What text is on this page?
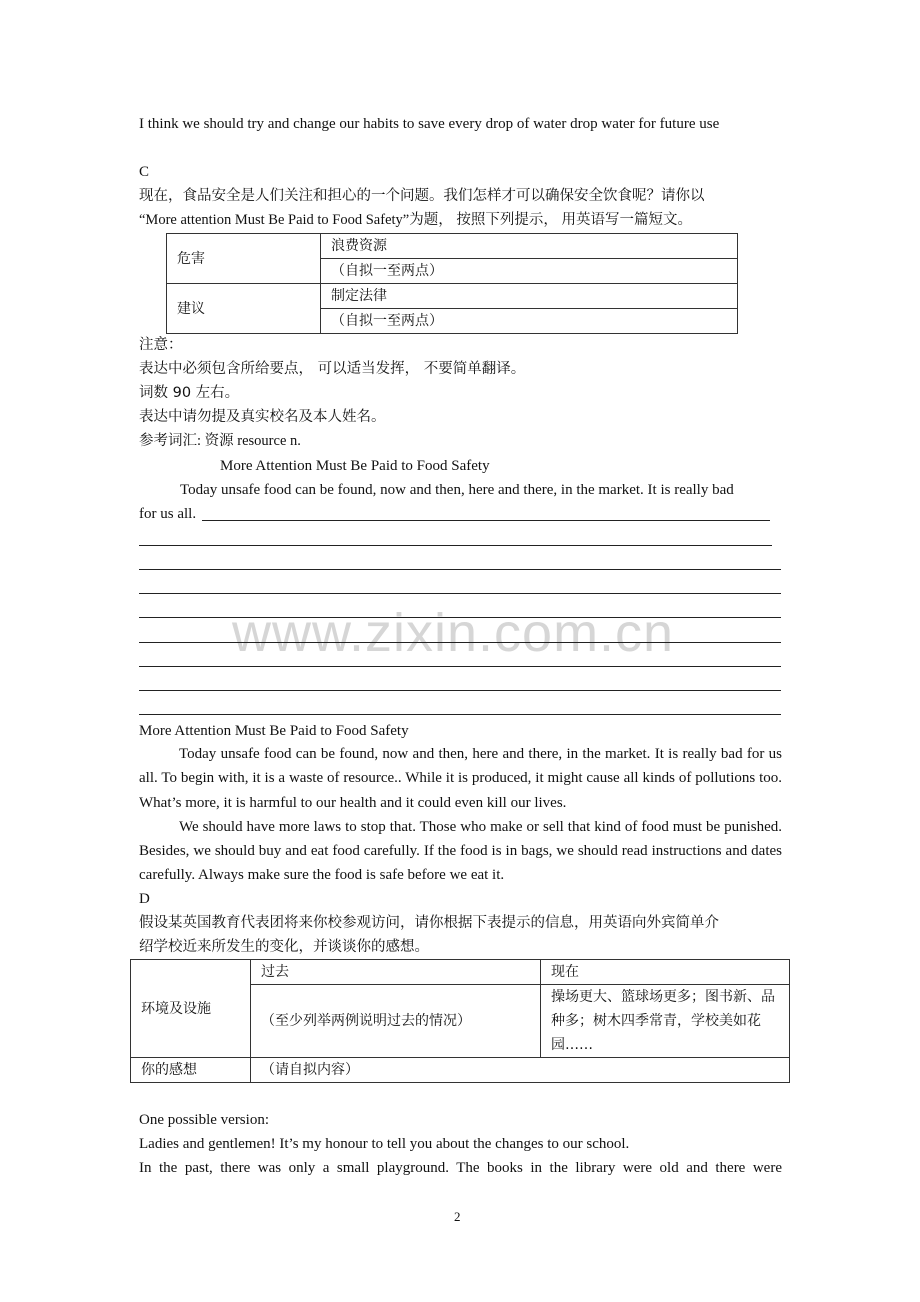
www.zixin.com.cn
I think we should try and change our habits to save every drop of water drop water for future use
C
现在，食品安全是人们关注和担心的一个问题。我们怎样才可以确保安全饮食呢？请你以
“More attention Must Be Paid to Food Safety”为题， 按照下列提示， 用英语写一篇短文。
危害	浪费资源
	（自拟一至两点）
建议	制定法律
	（自拟一至两点）
注意：
表达中必须包含所给要点， 可以适当发挥， 不要简单翻译。
词数 90 左右。
表达中请勿提及真实校名及本人姓名。
参考词汇: 资源 resource n.
More Attention Must Be Paid to Food Safety
Today unsafe food can be found, now and then, here and there, in the market. It is really bad
for us all.
More Attention Must Be Paid to Food Safety

Today unsafe food can be found, now and then, here and there, in the market. It is really bad for us all. To begin with, it is a waste of resource.. While it is produced, it might cause all kinds of pollutions too. What’s more, it is harmful to our health and it could even kill our lives.

We should have more laws to stop that. Those who make or sell that kind of food must be punished. Besides, we should buy and eat food carefully. If the food is in bags, we should read instructions and dates carefully. Always make sure the food is safe before we eat it.

D
假设某英国教育代表团将来你校参观访问，请你根据下表提示的信息，用英语向外宾简单介
绍学校近来所发生的变化，并谈谈你的感想。
环境及设施	过去	现在
	（至少列举两例说明过去的情况）	操场更大、篮球场更多；图书新、品种多；树木四季常青，学校美如花园……
你的感想	（请自拟内容）	
One possible version:
Ladies and gentlemen! It’s my honour to tell you about the changes to our school.
In the past, there was only a small playground. The books in the library were old and there were
2
